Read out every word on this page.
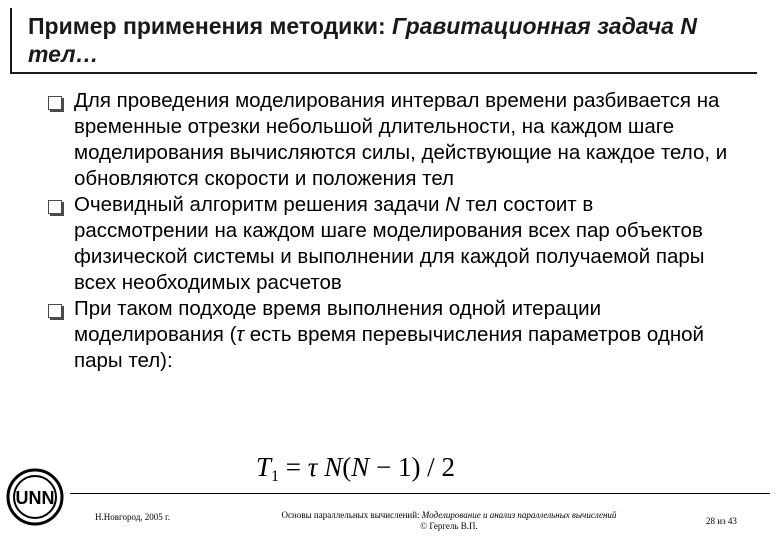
Пример применения методики: Гравитационная задача N тел…
Для проведения моделирования интервал времени разбивается на временные отрезки небольшой длительности, на каждом шаге моделирования вычисляются силы, действующие на каждое тело, и обновляются скорости и положения тел
Очевидный алгоритм решения задачи N тел состоит в рассмотрении на каждом шаге моделирования всех пар объектов физической системы и выполнении для каждой получаемой пары всех необходимых расчетов
При таком подходе время выполнения одной итерации моделирования (τ есть время перевычисления параметров одной пары тел):
$T_1 = \tau$ N(N − 1) / 2
UNN
Н.Новгород, 2005 г.	Основы параллельных вычислений: Моделирование и анализ параллельных вычислений
© Гергель В.П.	28 из 43
